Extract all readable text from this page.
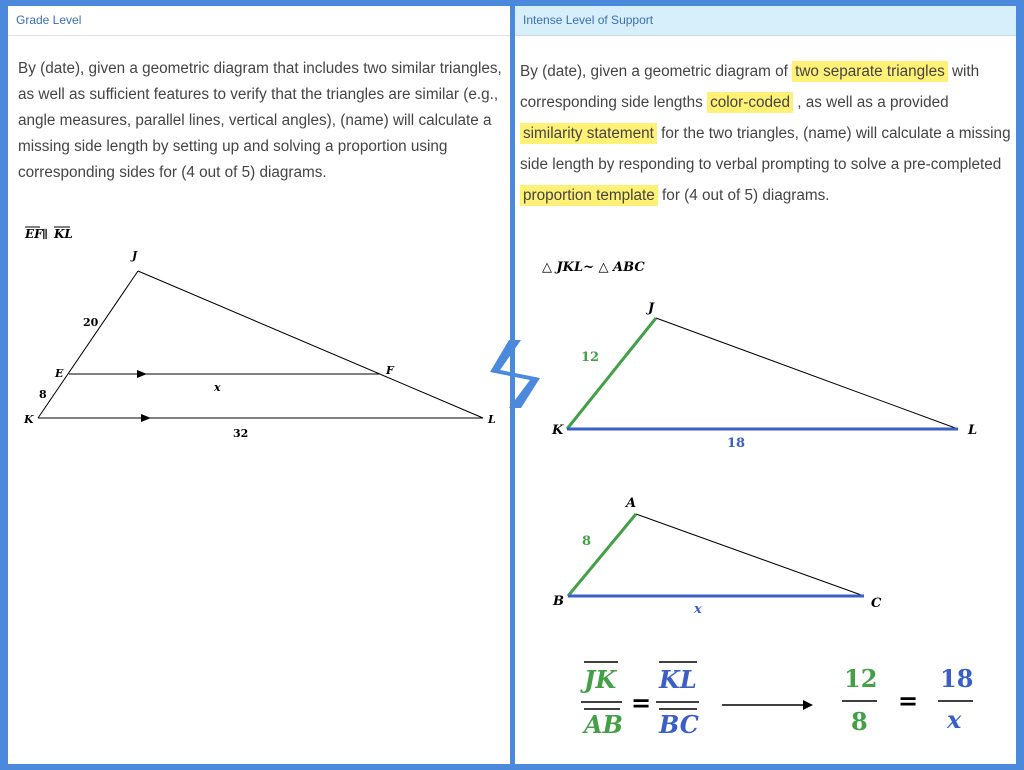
Grade Level
By (date), given a geometric diagram that includes two similar triangles, as well as sufficient features to verify that the triangles are similar (e.g., angle measures, parallel lines, vertical angles), (name) will calculate a missing side length by setting up and solving a proportion using corresponding sides for (4 out of 5) diagrams.
EF ∥ KL
J
E	F
K	L
20
8
x
32
Intense Level of Support
By (date), given a geometric diagram of two separate triangles with corresponding side lengths color-coded , as well as a provided similarity statement for the two triangles, (name) will calculate a missing side length by responding to verbal prompting to solve a pre-completed proportion template for (4 out of 5) diagrams.
△ JKL~ △ ABC
J
K	L
12
18
A
B	C
8
x
JK
AB
=
KL
BC
12
8
=
18
x
